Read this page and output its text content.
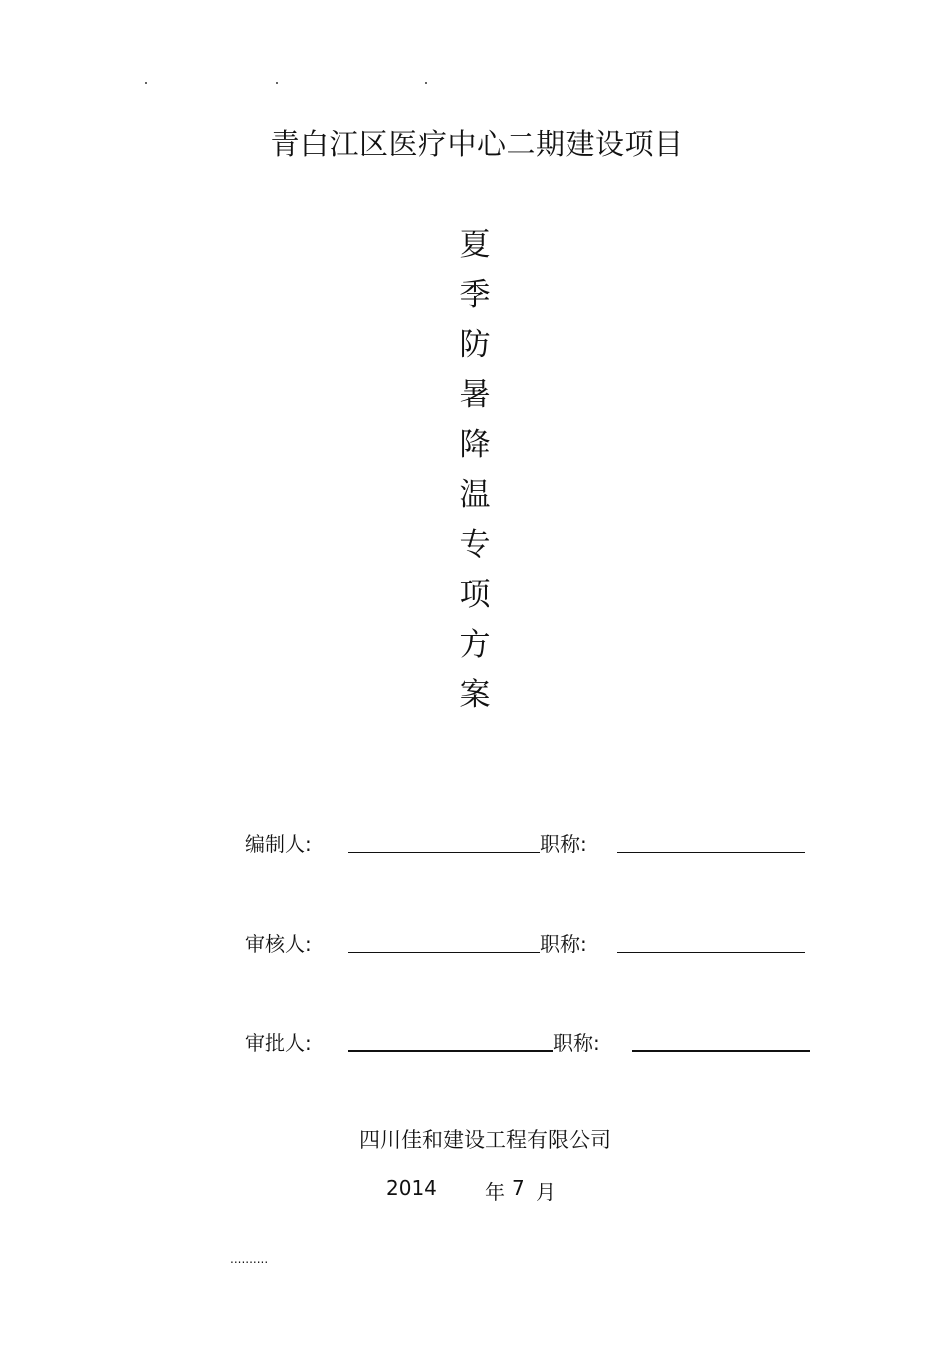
青白江区医疗中心二期建设项目
夏
季
防
暑
降
温
专
项
方
案
编制人:	职称:
审核人:	职称:
审批人:	职称:
四川佳和建设工程有限公司
2014 年 7 月
..........
